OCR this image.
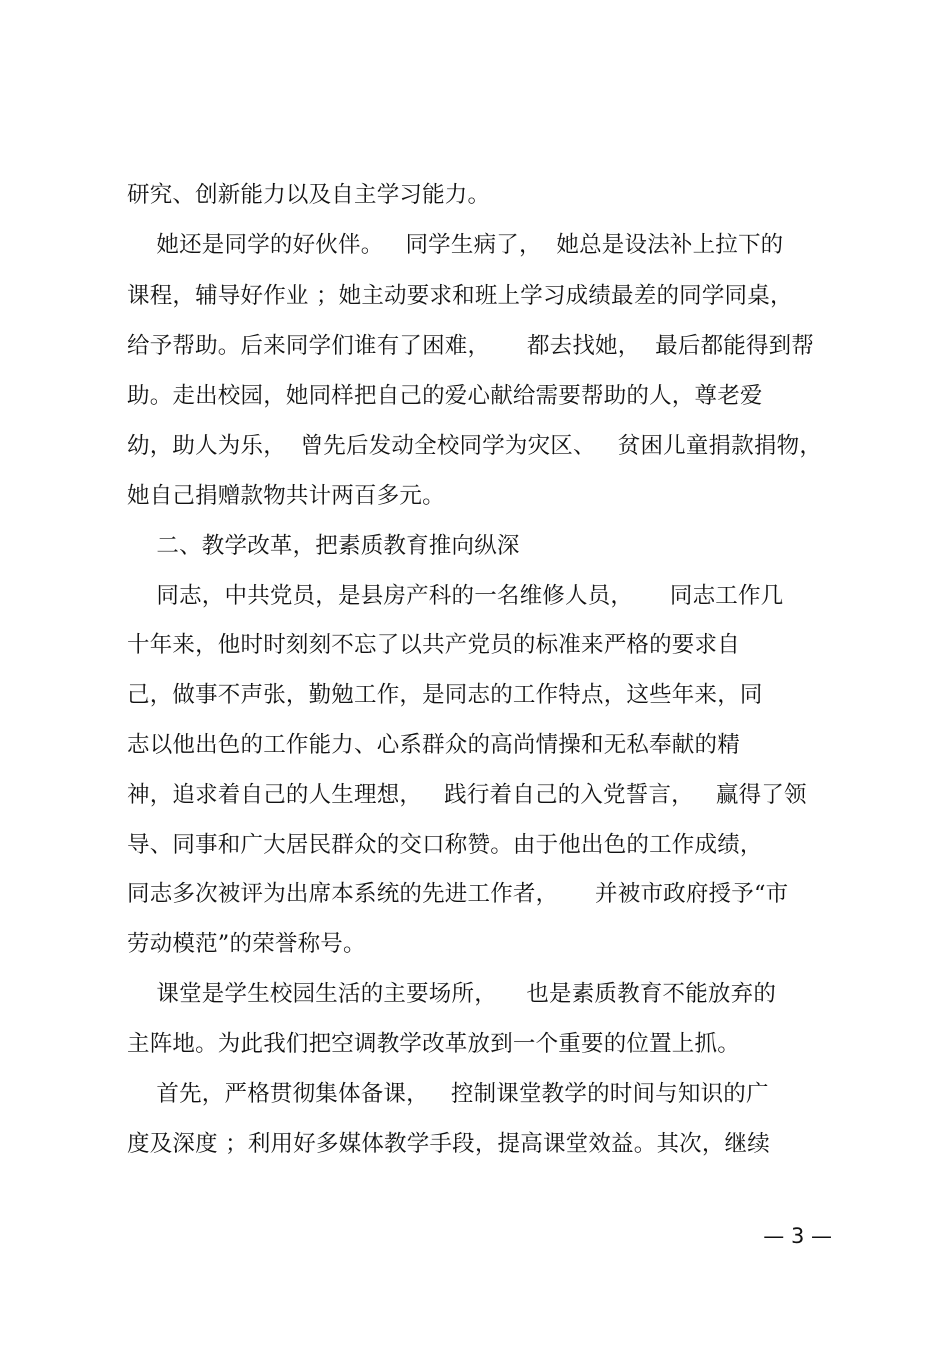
研究、创新能力以及自主学习能力。
她还是同学的好伙伴。   同学生病了，  她总是设法补上拉下的
课程，辅导好作业 ；她主动要求和班上学习成绩最差的同学同桌，
给予帮助。后来同学们谁有了困难，     都去找她，  最后都能得到帮
助。走出校园，她同样把自己的爱心献给需要帮助的人，尊老爱
幼，助人为乐，  曾先后发动全校同学为灾区、   贫困儿童捐款捐物，
她自己捐赠款物共计两百多元。
二、教学改革，把素质教育推向纵深
同志，中共党员，是县房产科的一名维修人员，     同志工作几
十年来，他时时刻刻不忘了以共产党员的标准来严格的要求自
己，做事不声张，勤勉工作，是同志的工作特点，这些年来，同
志以他出色的工作能力、心系群众的高尚情操和无私奉献的精
神，追求着自己的人生理想，   践行着自己的入党誓言，   赢得了领
导、同事和广大居民群众的交口称赞。由于他出色的工作成绩，
同志多次被评为出席本系统的先进工作者，     并被市政府授予“市
劳动模范”的荣誉称号。
课堂是学生校园生活的主要场所，    也是素质教育不能放弃的
主阵地。为此我们把空调教学改革放到一个重要的位置上抓。
首先，严格贯彻集体备课，   控制课堂教学的时间与知识的广
度及深度 ；利用好多媒体教学手段，提高课堂效益。其次，继续
— 3 —
